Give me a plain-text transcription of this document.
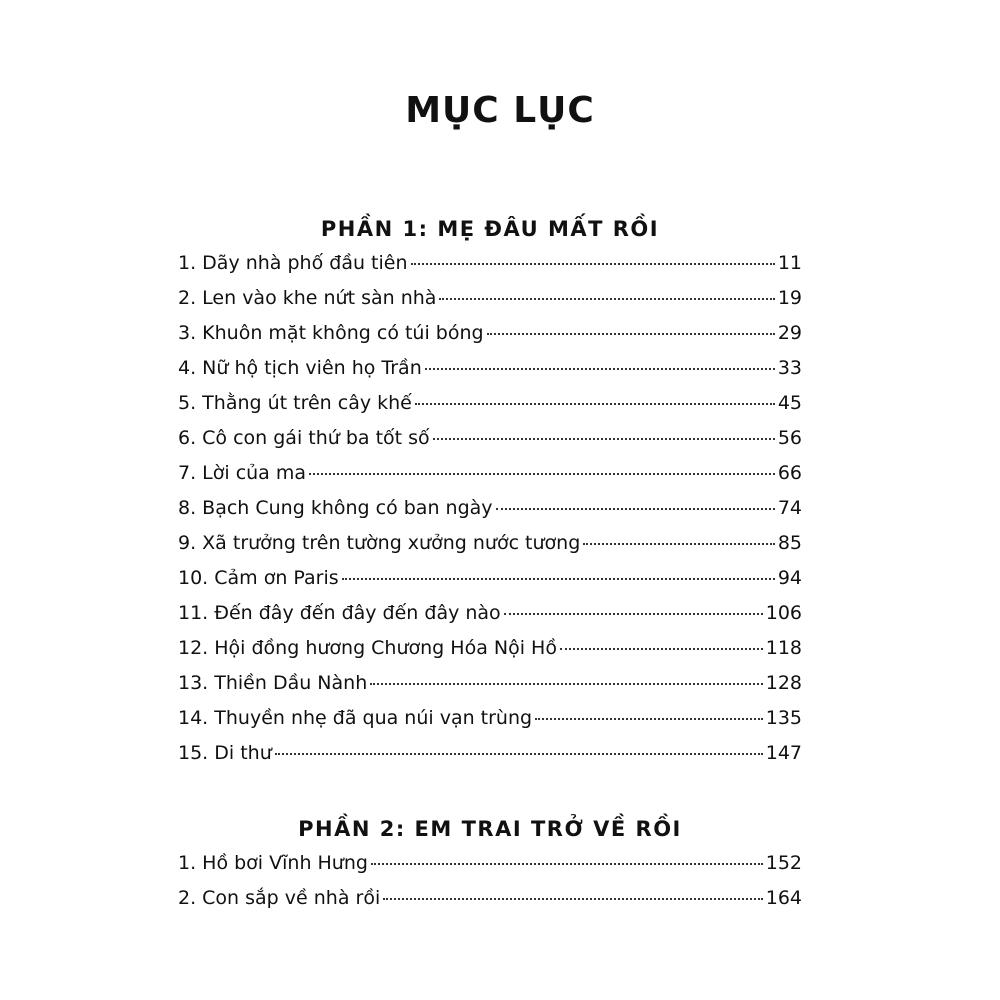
MỤC LỤC
PHẦN 1: MẸ ĐÂU MẤT RỒI
1. Dãy nhà phố đầu tiên	11
2. Len vào khe nứt sàn nhà	19
3. Khuôn mặt không có túi bóng	29
4. Nữ hộ tịch viên họ Trần	33
5. Thằng út trên cây khế	45
6. Cô con gái thứ ba tốt số	56
7. Lời của ma	66
8. Bạch Cung không có ban ngày	74
9. Xã trưởng trên tường xưởng nước tương	85
10. Cảm ơn Paris	94
11. Đến đây đến đây đến đây nào	106
12. Hội đồng hương Chương Hóa Nội Hồ	118
13. Thiền Dầu Nành	128
14. Thuyền nhẹ đã qua núi vạn trùng	135
15. Di thư	147
PHẦN 2: EM TRAI TRỞ VỀ RỒI
1. Hồ bơi Vĩnh Hưng	152
2. Con sắp về nhà rồi	164
